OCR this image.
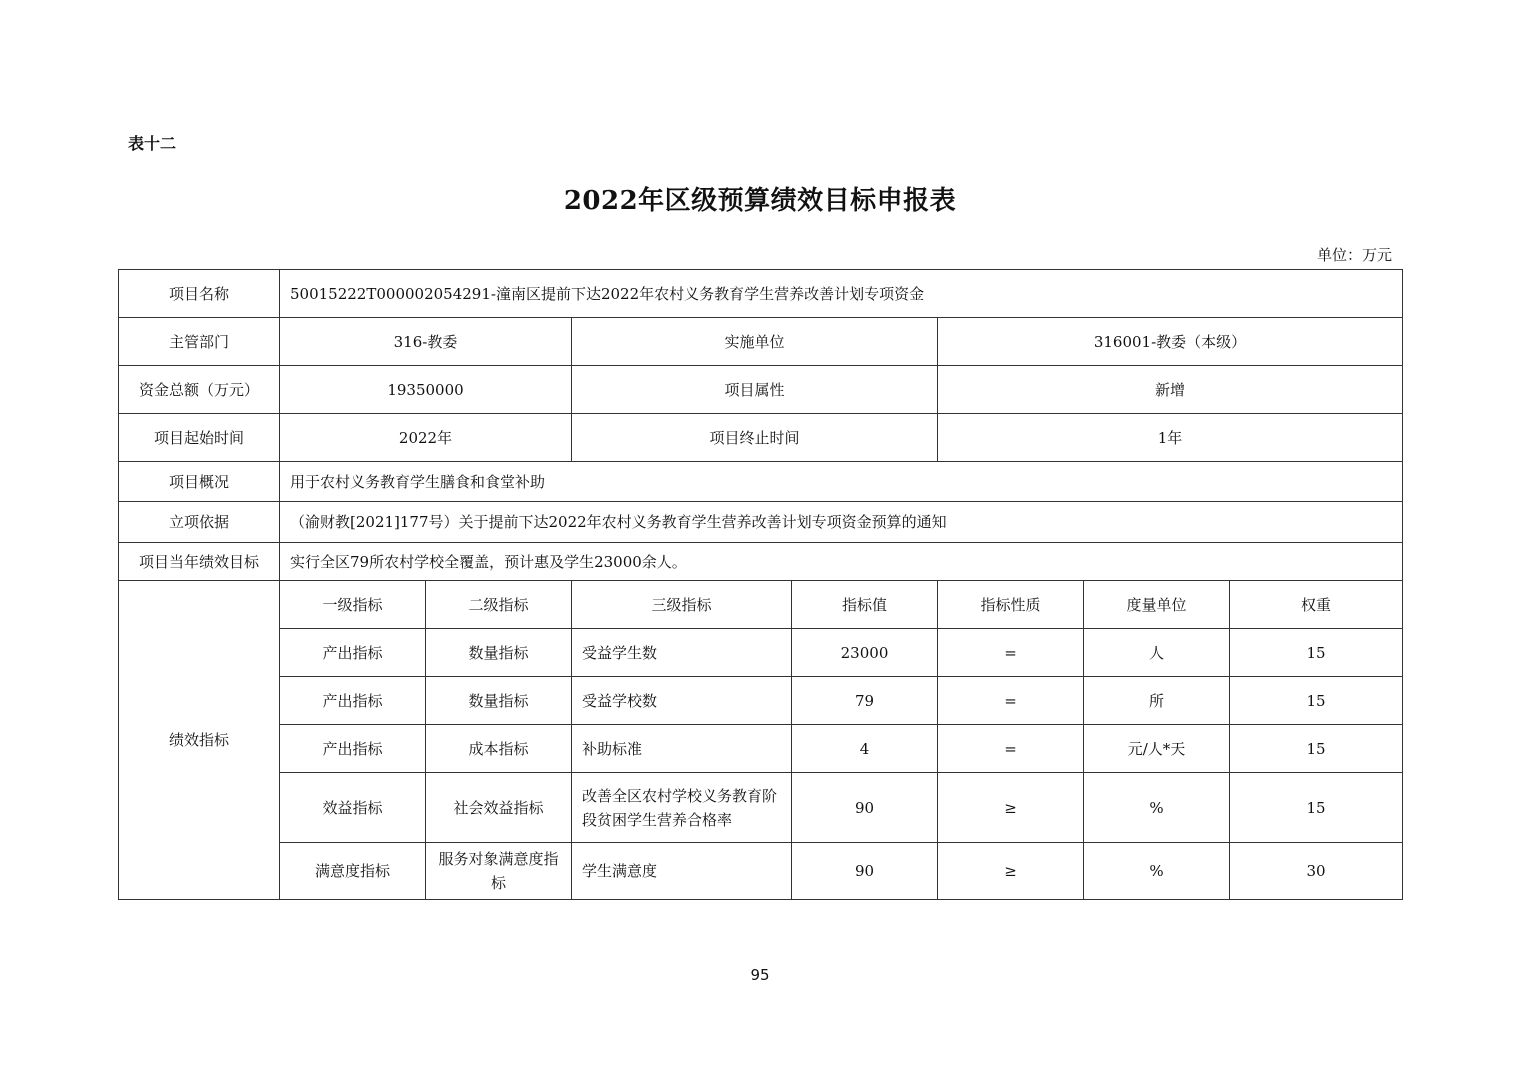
表十二
2022年区级预算绩效目标申报表
单位：万元
项目名称	50015222T000002054291-潼南区提前下达2022年农村义务教育学生营养改善计划专项资金						
主管部门	316-教委		实施单位		316001-教委（本级）		
资金总额（万元）	19350000		项目属性		新增		
项目起始时间	2022年		项目终止时间		1年		
项目概况	用于农村义务教育学生膳食和食堂补助						
立项依据	（渝财教[2021]177号）关于提前下达2022年农村义务教育学生营养改善计划专项资金预算的通知						
项目当年绩效目标	实行全区79所农村学校全覆盖，预计惠及学生23000余人。						
绩效指标	一级指标	二级指标	三级指标	指标值	指标性质	度量单位	权重
	产出指标	数量指标	受益学生数	23000	=	人	15
	产出指标	数量指标	受益学校数	79	=	所	15
	产出指标	成本指标	补助标准	4	=	元/人*天	15
	效益指标	社会效益指标	改善全区农村学校义务教育阶段贫困学生营养合格率	90	≥	%	15
	满意度指标	服务对象满意度指标	学生满意度	90	≥	%	30
95
